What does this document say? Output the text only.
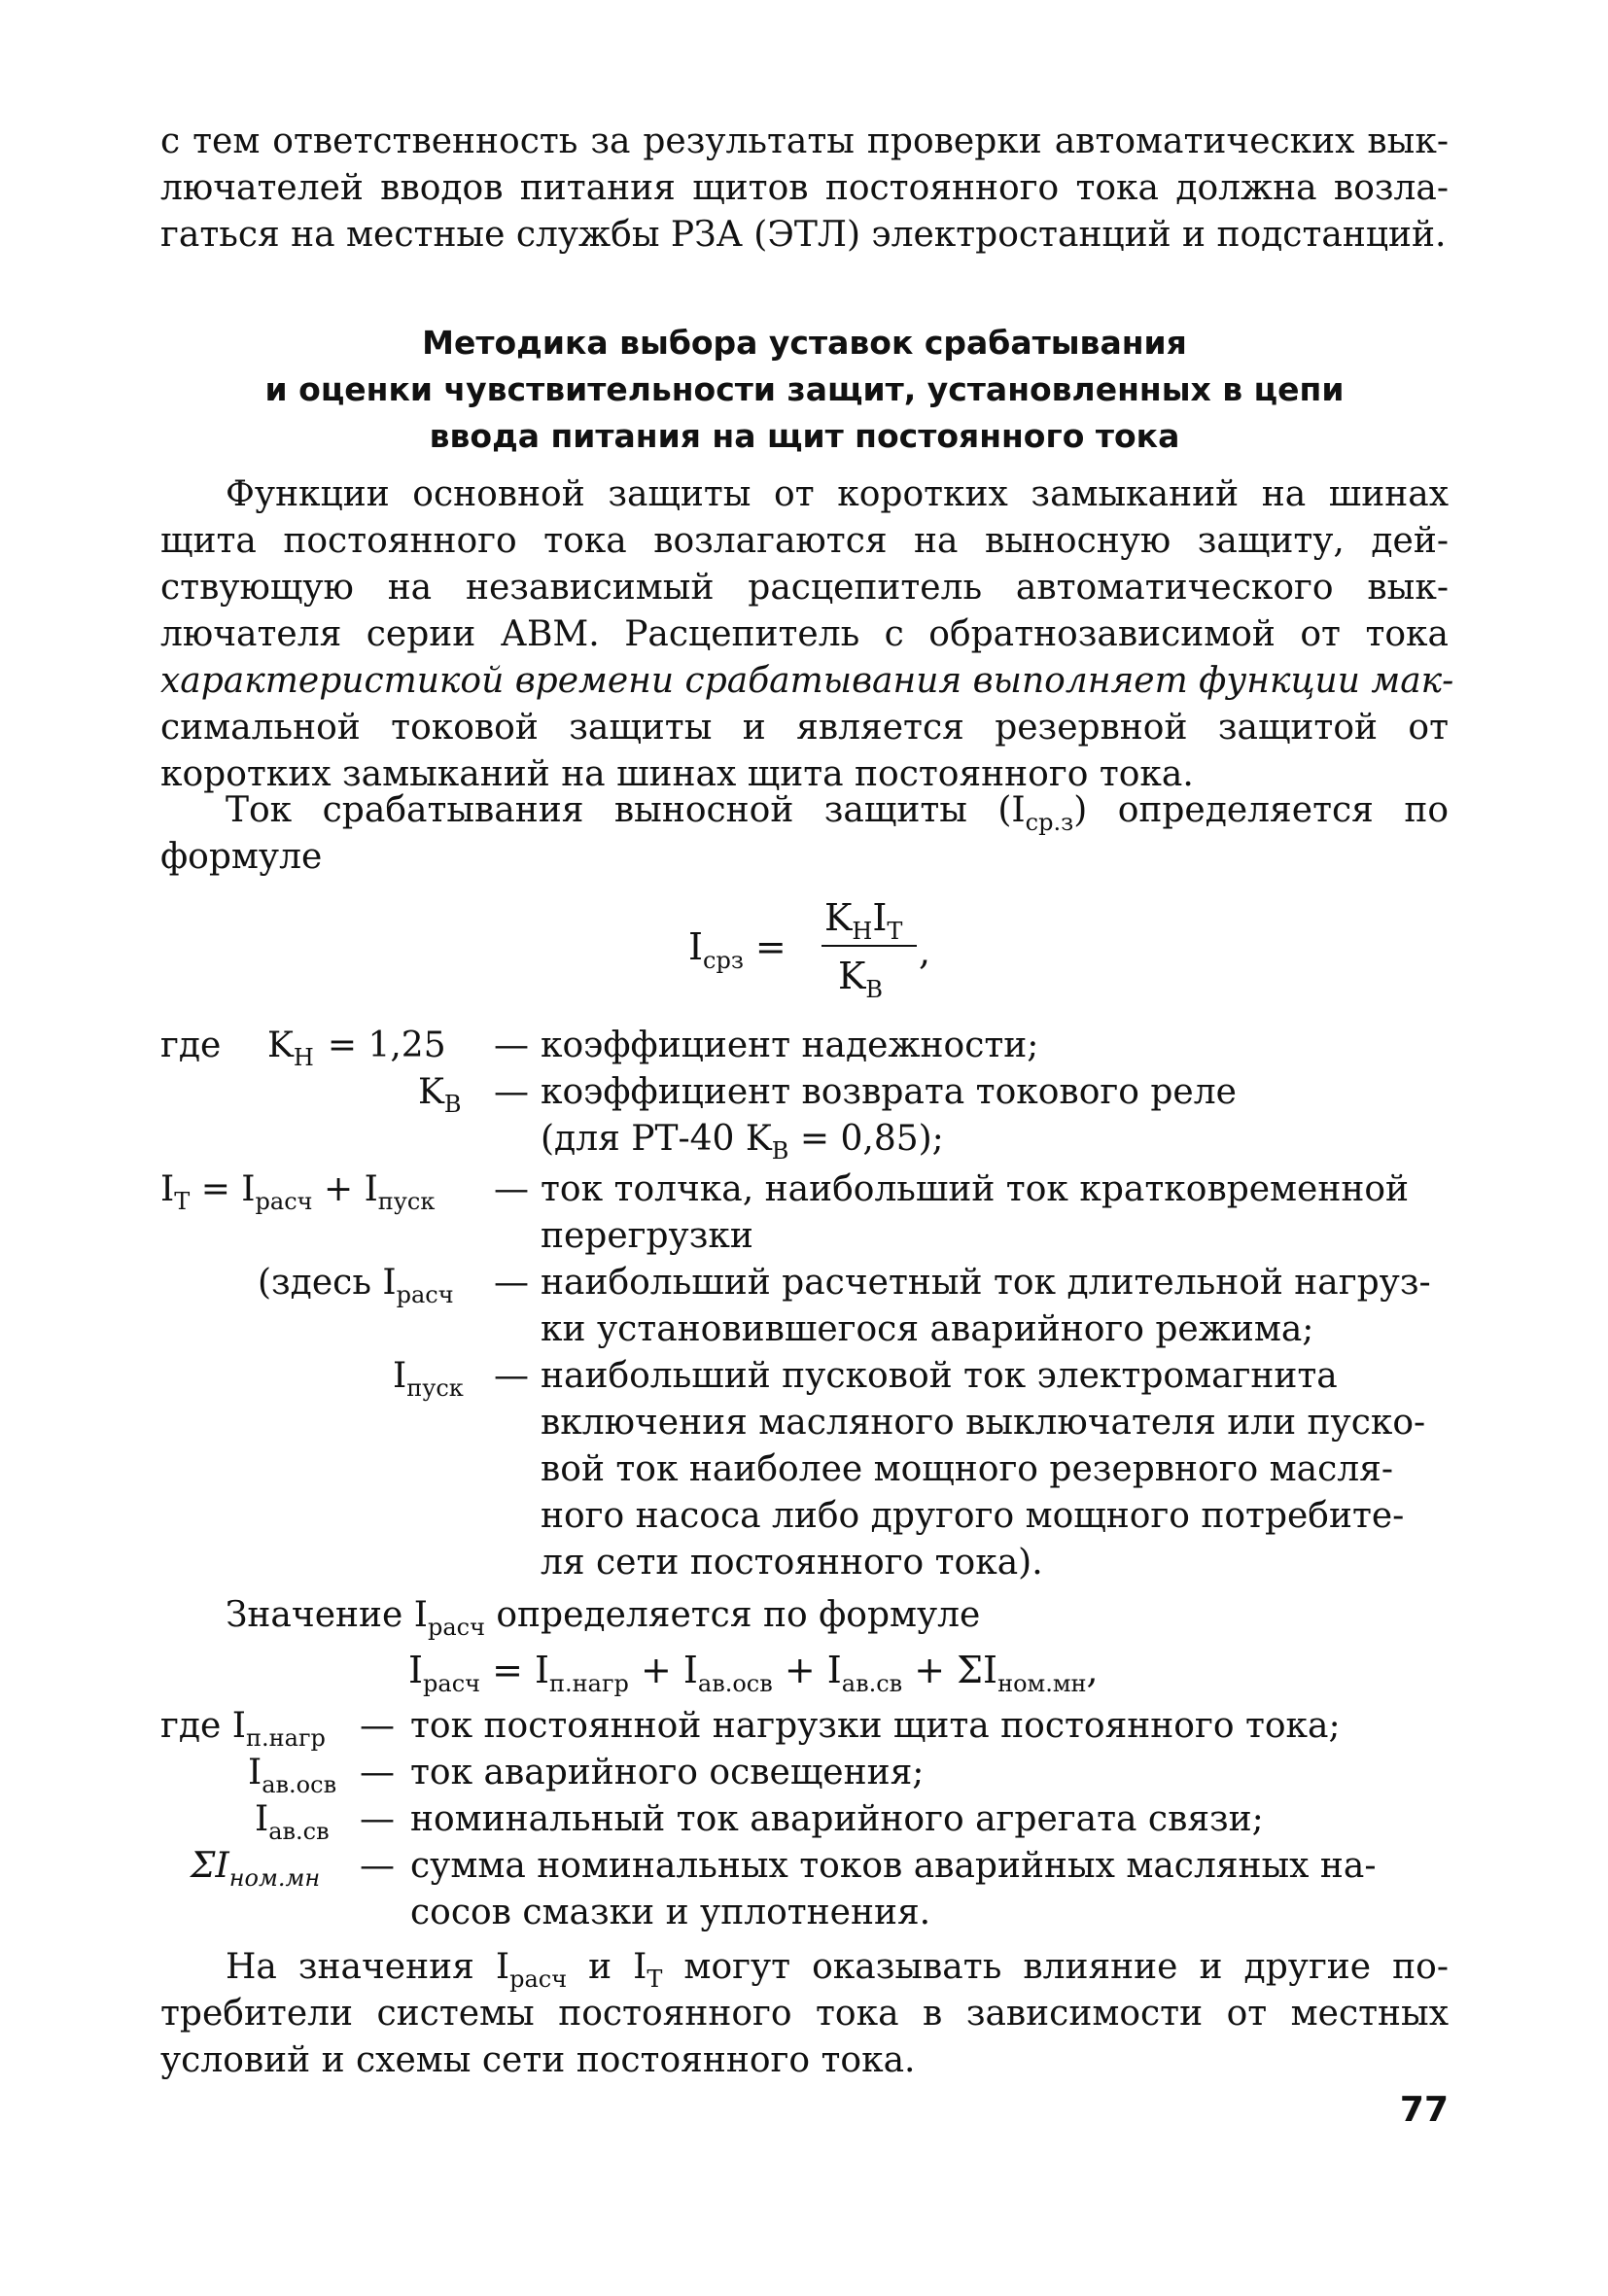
с тем ответственность за результаты проверки автоматических вык-
лючателей вводов питания щитов постоянного тока должна возла-
гаться на местные службы РЗА (ЭТЛ) электростанций и подстанций.
Методика выбора уставок срабатывания
и оценки чувствительности защит, установленных в цепи
ввода питания на щит постоянного тока
Функции основной защиты от коротких замыканий на шинах
щита постоянного тока возлагаются на выносную защиту, дей-
ствующую на независимый расцепитель автоматического вык-
лючателя серии АВМ. Расцепитель с обратнозависимой от тока
характеристикой времени срабатывания выполняет функции мак-
симальной токовой защиты и является резервной защитой от
коротких замыканий на шинах щита постоянного тока.
Ток срабатывания выносной защиты $(I_{ср.з})$ определяется по
формуле
$I_{срз}$ =
$K_НI_Т$
$K_В$
,
где $K_Н = 1,25$ — коэффициент надежности;
$K_В$ — коэффициент возврата токового реле
(для РТ-40 $K_В = 0,85$);
$I_Т = I_{расч} + I_{пуск}$ — ток толчка, наибольший ток кратковременной
перегрузки
(здесь $I_{расч}$ — наибольший расчетный ток длительной нагруз-
ки установившегося аварийного режима;
$I_{пуск}$ — наибольший пусковой ток электромагнита
включения масляного выключателя или пуско-
вой ток наиболее мощного резервного масля-
ного насоса либо другого мощного потребите-
ля сети постоянного тока).
Значение $I_{расч}$ определяется по формуле
$I_{расч} = I_{п.нагр} + I_{ав.осв} + I_{ав.св} + \Sigma I_{ном.мн}$,
где $I_{п.нагр}$ — ток постоянной нагрузки щита постоянного тока;
$I_{ав.осв}$ — ток аварийного освещения;
$I_{ав.св}$ — номинальный ток аварийного агрегата связи;
$\Sigma I_{ном.мн}$ — сумма номинальных токов аварийных масляных на-
сосов смазки и уплотнения.
На значения $I_{расч}$ и $I_Т$ могут оказывать влияние и другие по-
требители системы постоянного тока в зависимости от местных
условий и схемы сети постоянного тока.
77
